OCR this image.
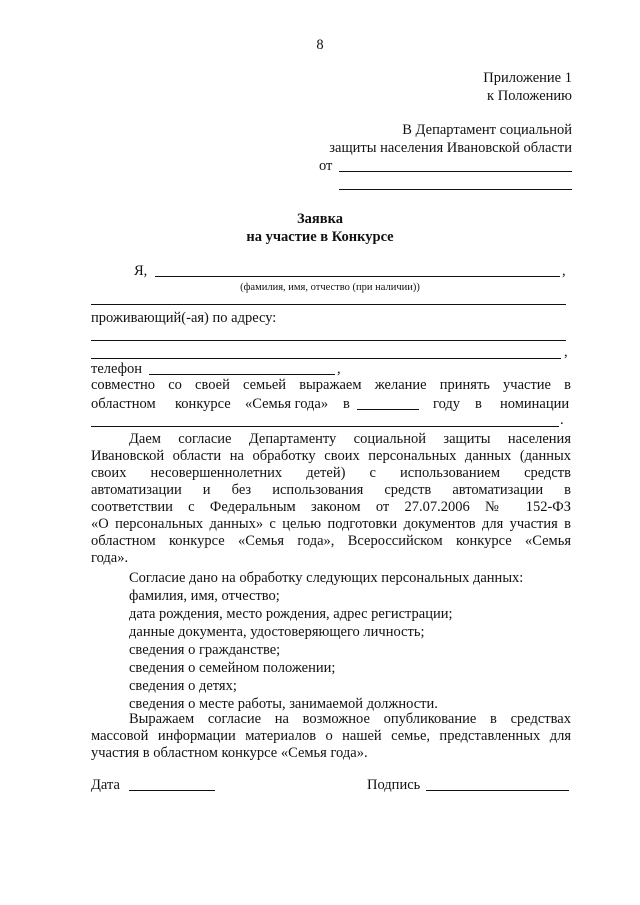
8
Приложение 1
к Положению
В Департамент социальной
защиты населения Ивановской области
от
Заявка
на участие в Конкурсе
Я,	,
(фамилия, имя, отчество (при наличии))
проживающий(-ая) по адресу:
,
телефон	,
совместно со своей семьей выражаем желание принять участие в
областном конкурсе «Семья года» в	году в номинации
.
Даем согласие Департаменту социальной защиты населения
Ивановской области на обработку своих персональных данных (данных
своих несовершеннолетних детей) с использованием средств
автоматизации и без использования средств автоматизации в
соответствии с Федеральным законом от 27.07.2006 № 152-ФЗ
«О персональных данных» с целью подготовки документов для участия в
областном конкурсе «Семья года», Всероссийском конкурсе «Семья
года».
Согласие дано на обработку следующих персональных данных:
фамилия, имя, отчество;
дата рождения, место рождения, адрес регистрации;
данные документа, удостоверяющего личность;
сведения о гражданстве;
сведения о семейном положении;
сведения о детях;
сведения о месте работы, занимаемой должности.
Выражаем согласие на возможное опубликование в средствах
массовой информации материалов о нашей семье, представленных для
участия в областном конкурсе «Семья года».
Дата	Подпись
